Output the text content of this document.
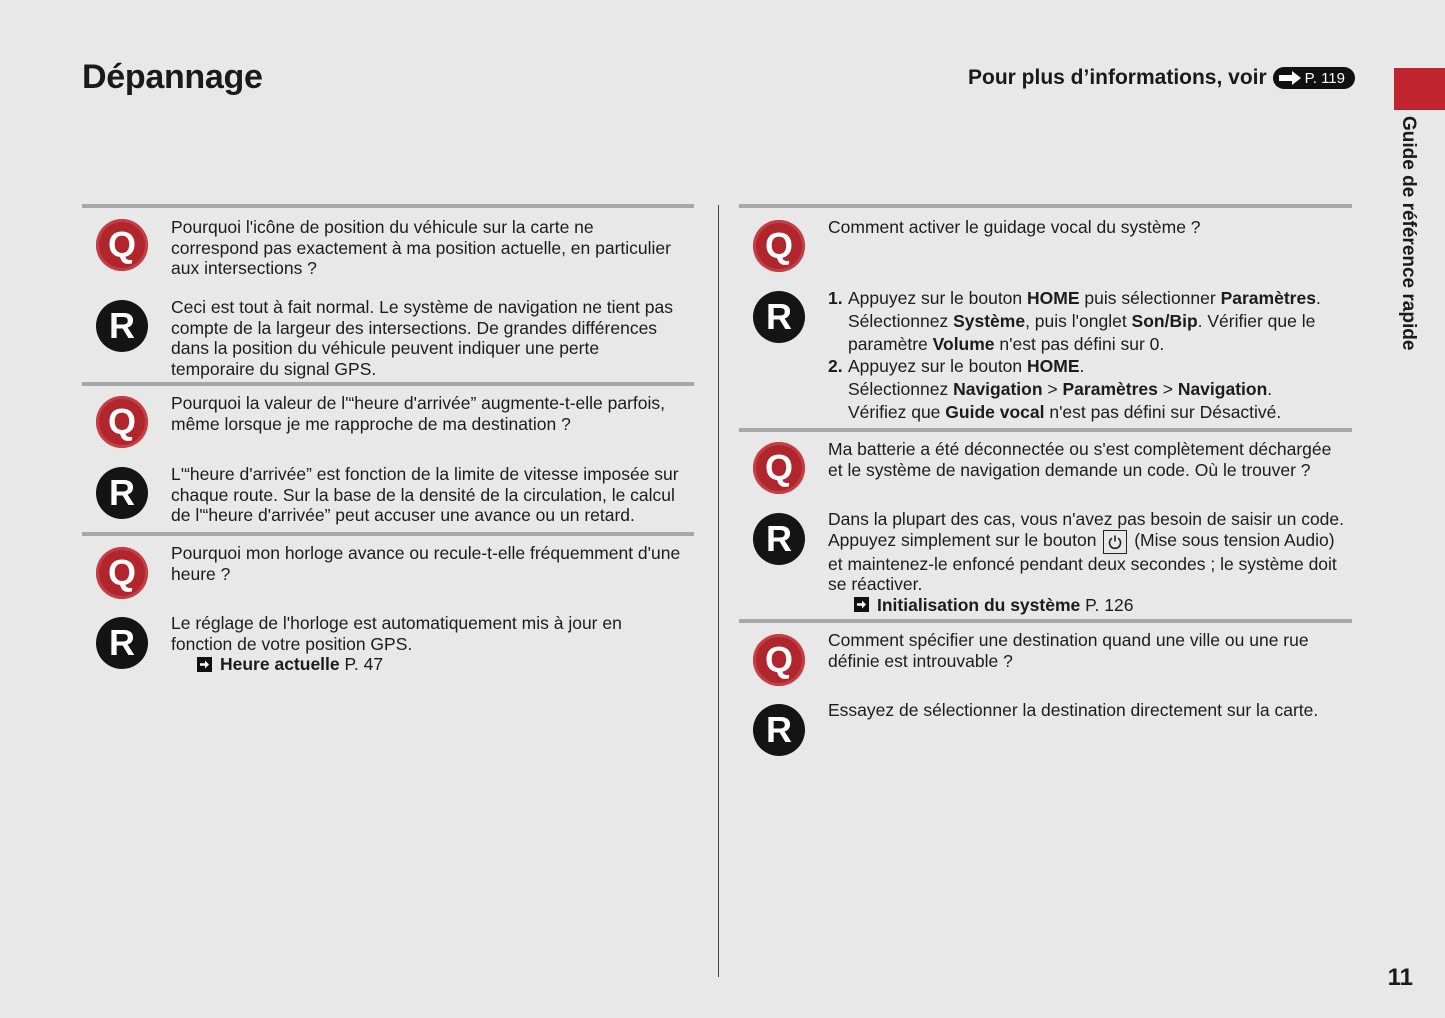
Dépannage	Pour plus d’informations, voir	P. 119
Guide de référence rapide
Q	Pourquoi l'icône de position du véhicule sur la carte ne correspond pas exactement à ma position actuelle, en particulier aux intersections ?
R	Ceci est tout à fait normal. Le système de navigation ne tient pas compte de la largeur des intersections. De grandes différences dans la position du véhicule peuvent indiquer une perte temporaire du signal GPS.
Q	Pourquoi la valeur de l'“heure d'arrivée” augmente-t-elle parfois, même lorsque je me rapproche de ma destination ?
R	L'“heure d'arrivée” est fonction de la limite de vitesse imposée sur chaque route. Sur la base de la densité de la circulation, le calcul de l'“heure d'arrivée” peut accuser une avance ou un retard.
Q	Pourquoi mon horloge avance ou recule-t-elle fréquemment d'une heure ?
R	Le réglage de l'horloge est automatiquement mis à jour en fonction de votre position GPS.
Heure actuelle P. 47
Q	Comment activer le guidage vocal du système ?
R	1. Appuyez sur le bouton HOME puis sélectionner Paramètres.
Sélectionnez Système, puis l'onglet Son/Bip. Vérifier que le paramètre Volume n'est pas défini sur 0.
2. Appuyez sur le bouton HOME.
Sélectionnez Navigation > Paramètres > Navigation.
Vérifiez que Guide vocal n'est pas défini sur Désactivé.
Q	Ma batterie a été déconnectée ou s'est complètement déchargée et le système de navigation demande un code. Où le trouver ?
R	Dans la plupart des cas, vous n'avez pas besoin de saisir un code.
Appuyez simplement sur le bouton (Mise sous tension Audio) et maintenez-le enfoncé pendant deux secondes ; le système doit se réactiver.
Initialisation du système P. 126
Q	Comment spécifier une destination quand une ville ou une rue définie est introuvable ?
R	Essayez de sélectionner la destination directement sur la carte.
11
